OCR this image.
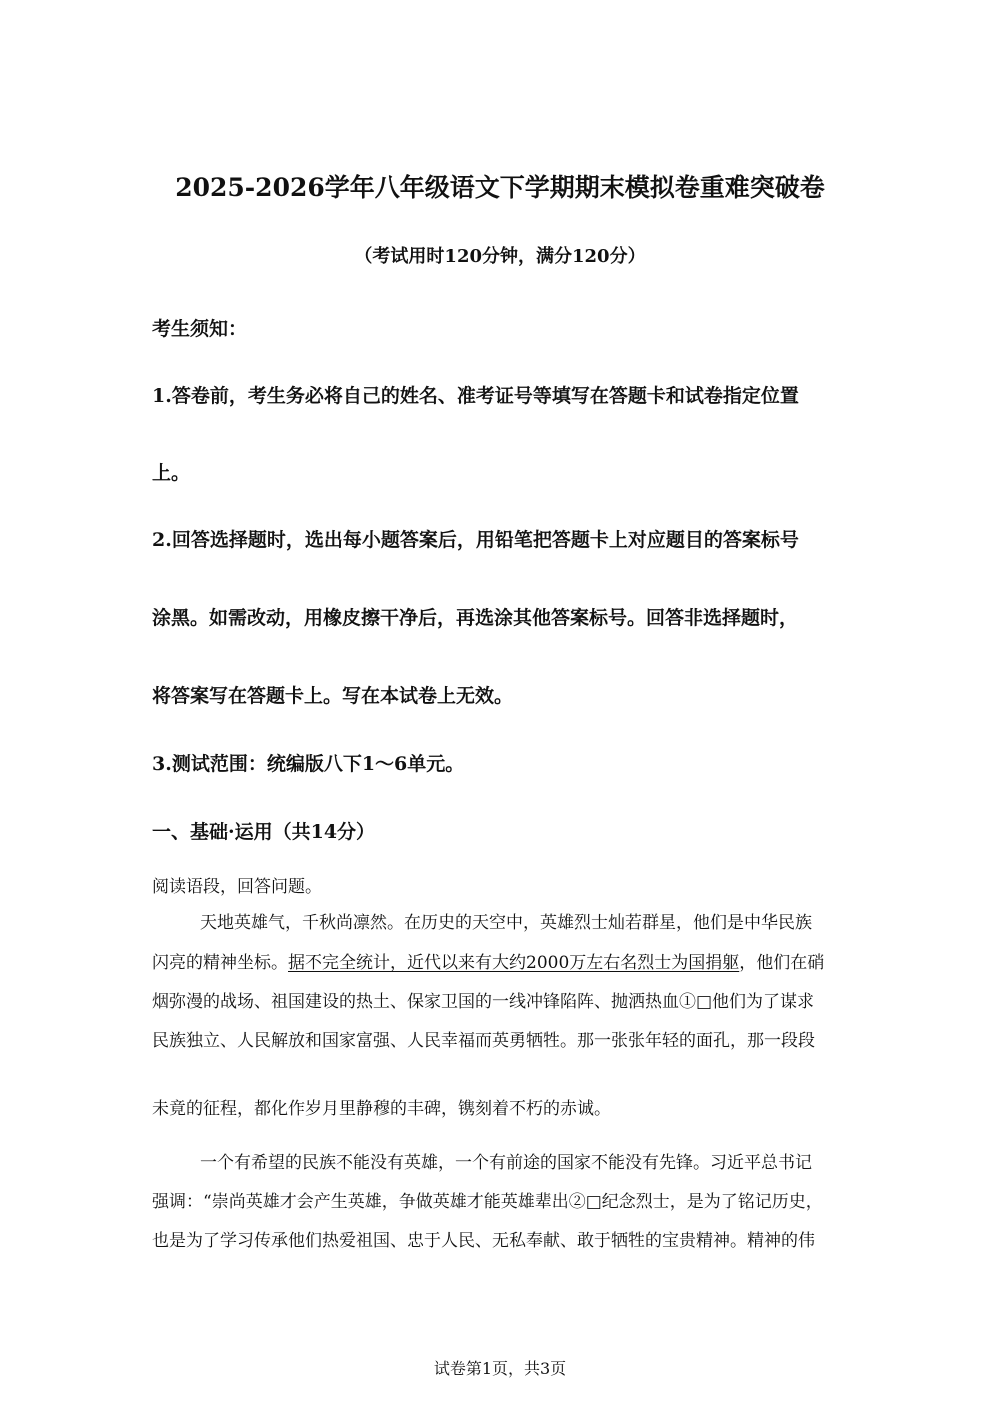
2025-2026学年八年级语文下学期期末模拟卷重难突破卷
（考试用时120分钟，满分120分）
考生须知：
1.答卷前，考生务必将自己的姓名、准考证号等填写在答题卡和试卷指定位置
上。
2.回答选择题时，选出每小题答案后，用铅笔把答题卡上对应题目的答案标号
涂黑。如需改动，用橡皮擦干净后，再选涂其他答案标号。回答非选择题时，
将答案写在答题卡上。写在本试卷上无效。
3.测试范围：统编版八下1～6单元。
一、基础·运用（共14分）
阅读语段，回答问题。
天地英雄气，千秋尚凛然。在历史的天空中，英雄烈士灿若群星，他们是中华民族
闪亮的精神坐标。据不完全统计，近代以来有大约2000万左右名烈士为国捐躯，他们在硝
烟弥漫的战场、祖国建设的热土、保家卫国的一线冲锋陷阵、抛洒热血①□他们为了谋求
民族独立、人民解放和国家富强、人民幸福而英勇牺牲。那一张张年轻的面孔，那一段段
未竟的征程，都化作岁月里静穆的丰碑，镌刻着不朽的赤诚。
一个有希望的民族不能没有英雄，一个有前途的国家不能没有先锋。习近平总书记
强调：“崇尚英雄才会产生英雄，争做英雄才能英雄辈出②□纪念烈士，是为了铭记历史，
也是为了学习传承他们热爱祖国、忠于人民、无私奉献、敢于牺牲的宝贵精神。精神的伟
试卷第1页，共3页
